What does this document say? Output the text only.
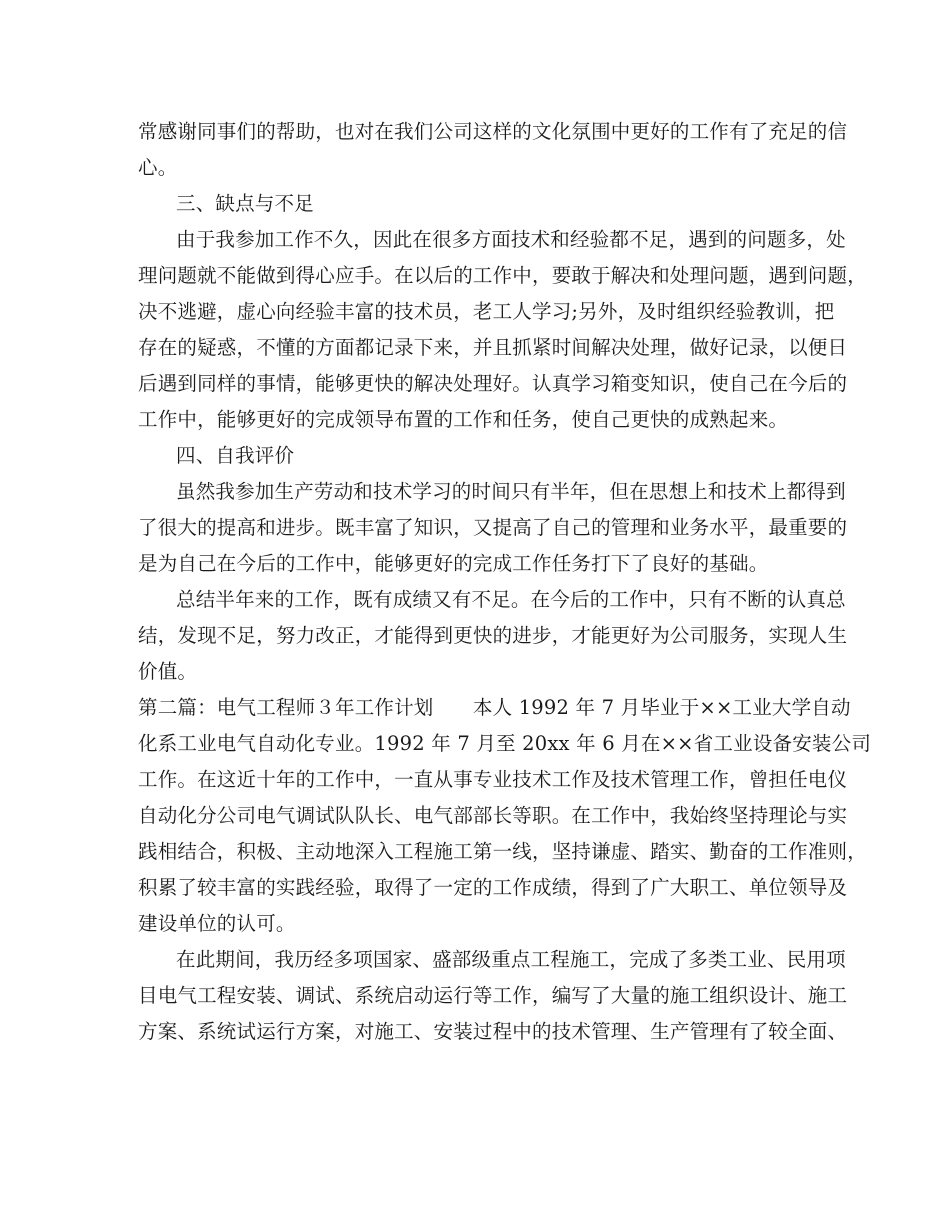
常感谢同事们的帮助，也对在我们公司这样的文化氛围中更好的工作有了充足的信
心。
三、缺点与不足
由于我参加工作不久，因此在很多方面技术和经验都不足，遇到的问题多，处
理问题就不能做到得心应手。在以后的工作中，要敢于解决和处理问题，遇到问题，
决不逃避，虚心向经验丰富的技术员，老工人学习;另外，及时组织经验教训，把
存在的疑惑，不懂的方面都记录下来，并且抓紧时间解决处理，做好记录，以便日
后遇到同样的事情，能够更快的解决处理好。认真学习箱变知识，使自己在今后的
工作中，能够更好的完成领导布置的工作和任务，使自己更快的成熟起来。
四、自我评价
虽然我参加生产劳动和技术学习的时间只有半年，但在思想上和技术上都得到
了很大的提高和进步。既丰富了知识，又提高了自己的管理和业务水平，最重要的
是为自己在今后的工作中，能够更好的完成工作任务打下了良好的基础。
总结半年来的工作，既有成绩又有不足。在今后的工作中，只有不断的认真总
结，发现不足，努力改正，才能得到更快的进步，才能更好为公司服务，实现人生
价值。
第二篇：电气工程师３年工作计划　　本人 1992 年 7 月毕业于××工业大学自动
化系工业电气自动化专业。1992 年 7 月至 20xx 年 6 月在××省工业设备安装公司
工作。在这近十年的工作中，一直从事专业技术工作及技术管理工作，曾担任电仪
自动化分公司电气调试队队长、电气部部长等职。在工作中，我始终坚持理论与实
践相结合，积极、主动地深入工程施工第一线，坚持谦虚、踏实、勤奋的工作准则，
积累了较丰富的实践经验，取得了一定的工作成绩，得到了广大职工、单位领导及
建设单位的认可。
在此期间，我历经多项国家、盛部级重点工程施工，完成了多类工业、民用项
目电气工程安装、调试、系统启动运行等工作，编写了大量的施工组织设计、施工
方案、系统试运行方案，对施工、安装过程中的技术管理、生产管理有了较全面、
